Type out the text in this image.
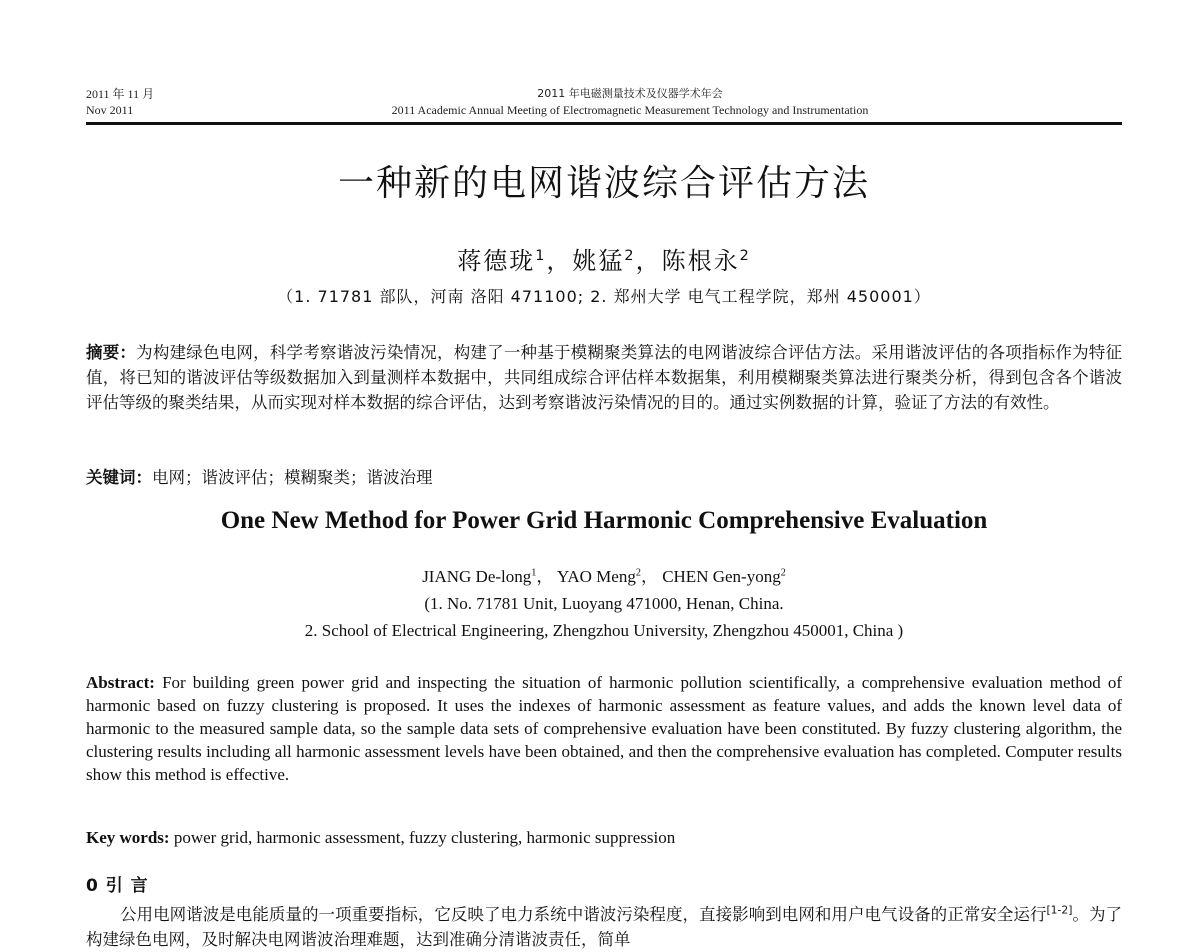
2011 年 11 月
Nov 2011
2011 年电磁测量技术及仪器学术年会
2011 Academic Annual Meeting of Electromagnetic Measurement Technology and Instrumentation
一种新的电网谐波综合评估方法
蒋德珑$^1$，姚猛$^2$，陈根永$^2$
（1. 71781 部队，河南 洛阳 471100; 2. 郑州大学 电气工程学院，郑州 450001）
摘要：为构建绿色电网，科学考察谐波污染情况，构建了一种基于模糊聚类算法的电网谐波综合评估方法。采用谐波评估的各项指标作为特征值，将已知的谐波评估等级数据加入到量测样本数据中，共同组成综合评估样本数据集，利用模糊聚类算法进行聚类分析，得到包含各个谐波评估等级的聚类结果，从而实现对样本数据的综合评估，达到考察谐波污染情况的目的。通过实例数据的计算，验证了方法的有效性。
关键词：电网；谐波评估；模糊聚类；谐波治理
One New Method for Power Grid Harmonic Comprehensive Evaluation
JIANG De-long$^1$， YAO Meng$^2$， CHEN Gen-yong$^2$
(1. No. 71781 Unit, Luoyang 471000, Henan, China.
2. School of Electrical Engineering, Zhengzhou University, Zhengzhou 450001, China )
Abstract: For building green power grid and inspecting the situation of harmonic pollution scientifically, a comprehensive evaluation method of harmonic based on fuzzy clustering is proposed. It uses the indexes of harmonic assessment as feature values, and adds the known level data of harmonic to the measured sample data, so the sample data sets of comprehensive evaluation have been constituted. By fuzzy clustering algorithm, the clustering results including all harmonic assessment levels have been obtained, and then the comprehensive evaluation has completed. Computer results show this method is effective.
Key words: power grid, harmonic assessment, fuzzy clustering, harmonic suppression
0 引 言
公用电网谐波是电能质量的一项重要指标，它反映了电力系统中谐波污染程度，直接影响到电网和用户电气设备的正常安全运行[1-2]。为了构建绿色电网，及时解决电网谐波治理难题，达到准确分清谐波责任，简单
